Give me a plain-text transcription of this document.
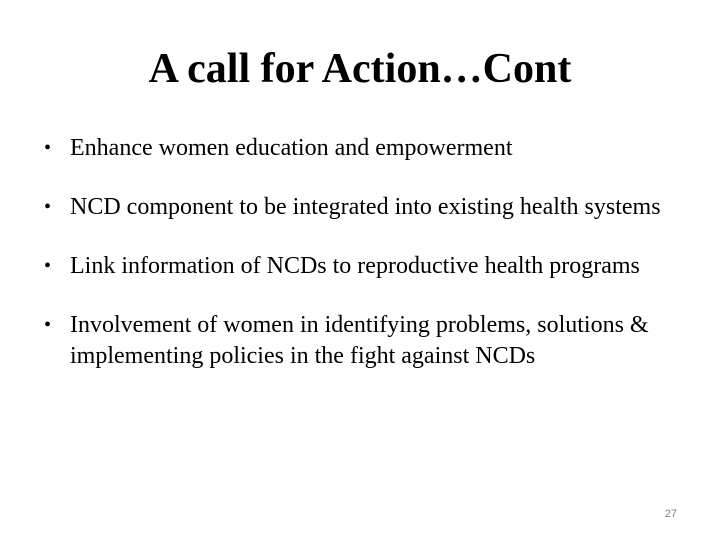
A call for Action…Cont
• Enhance women education and empowerment
• NCD component to be integrated into existing health systems
• Link information of NCDs to reproductive health programs
• Involvement of women in identifying problems, solutions & implementing policies in the fight against NCDs
27
